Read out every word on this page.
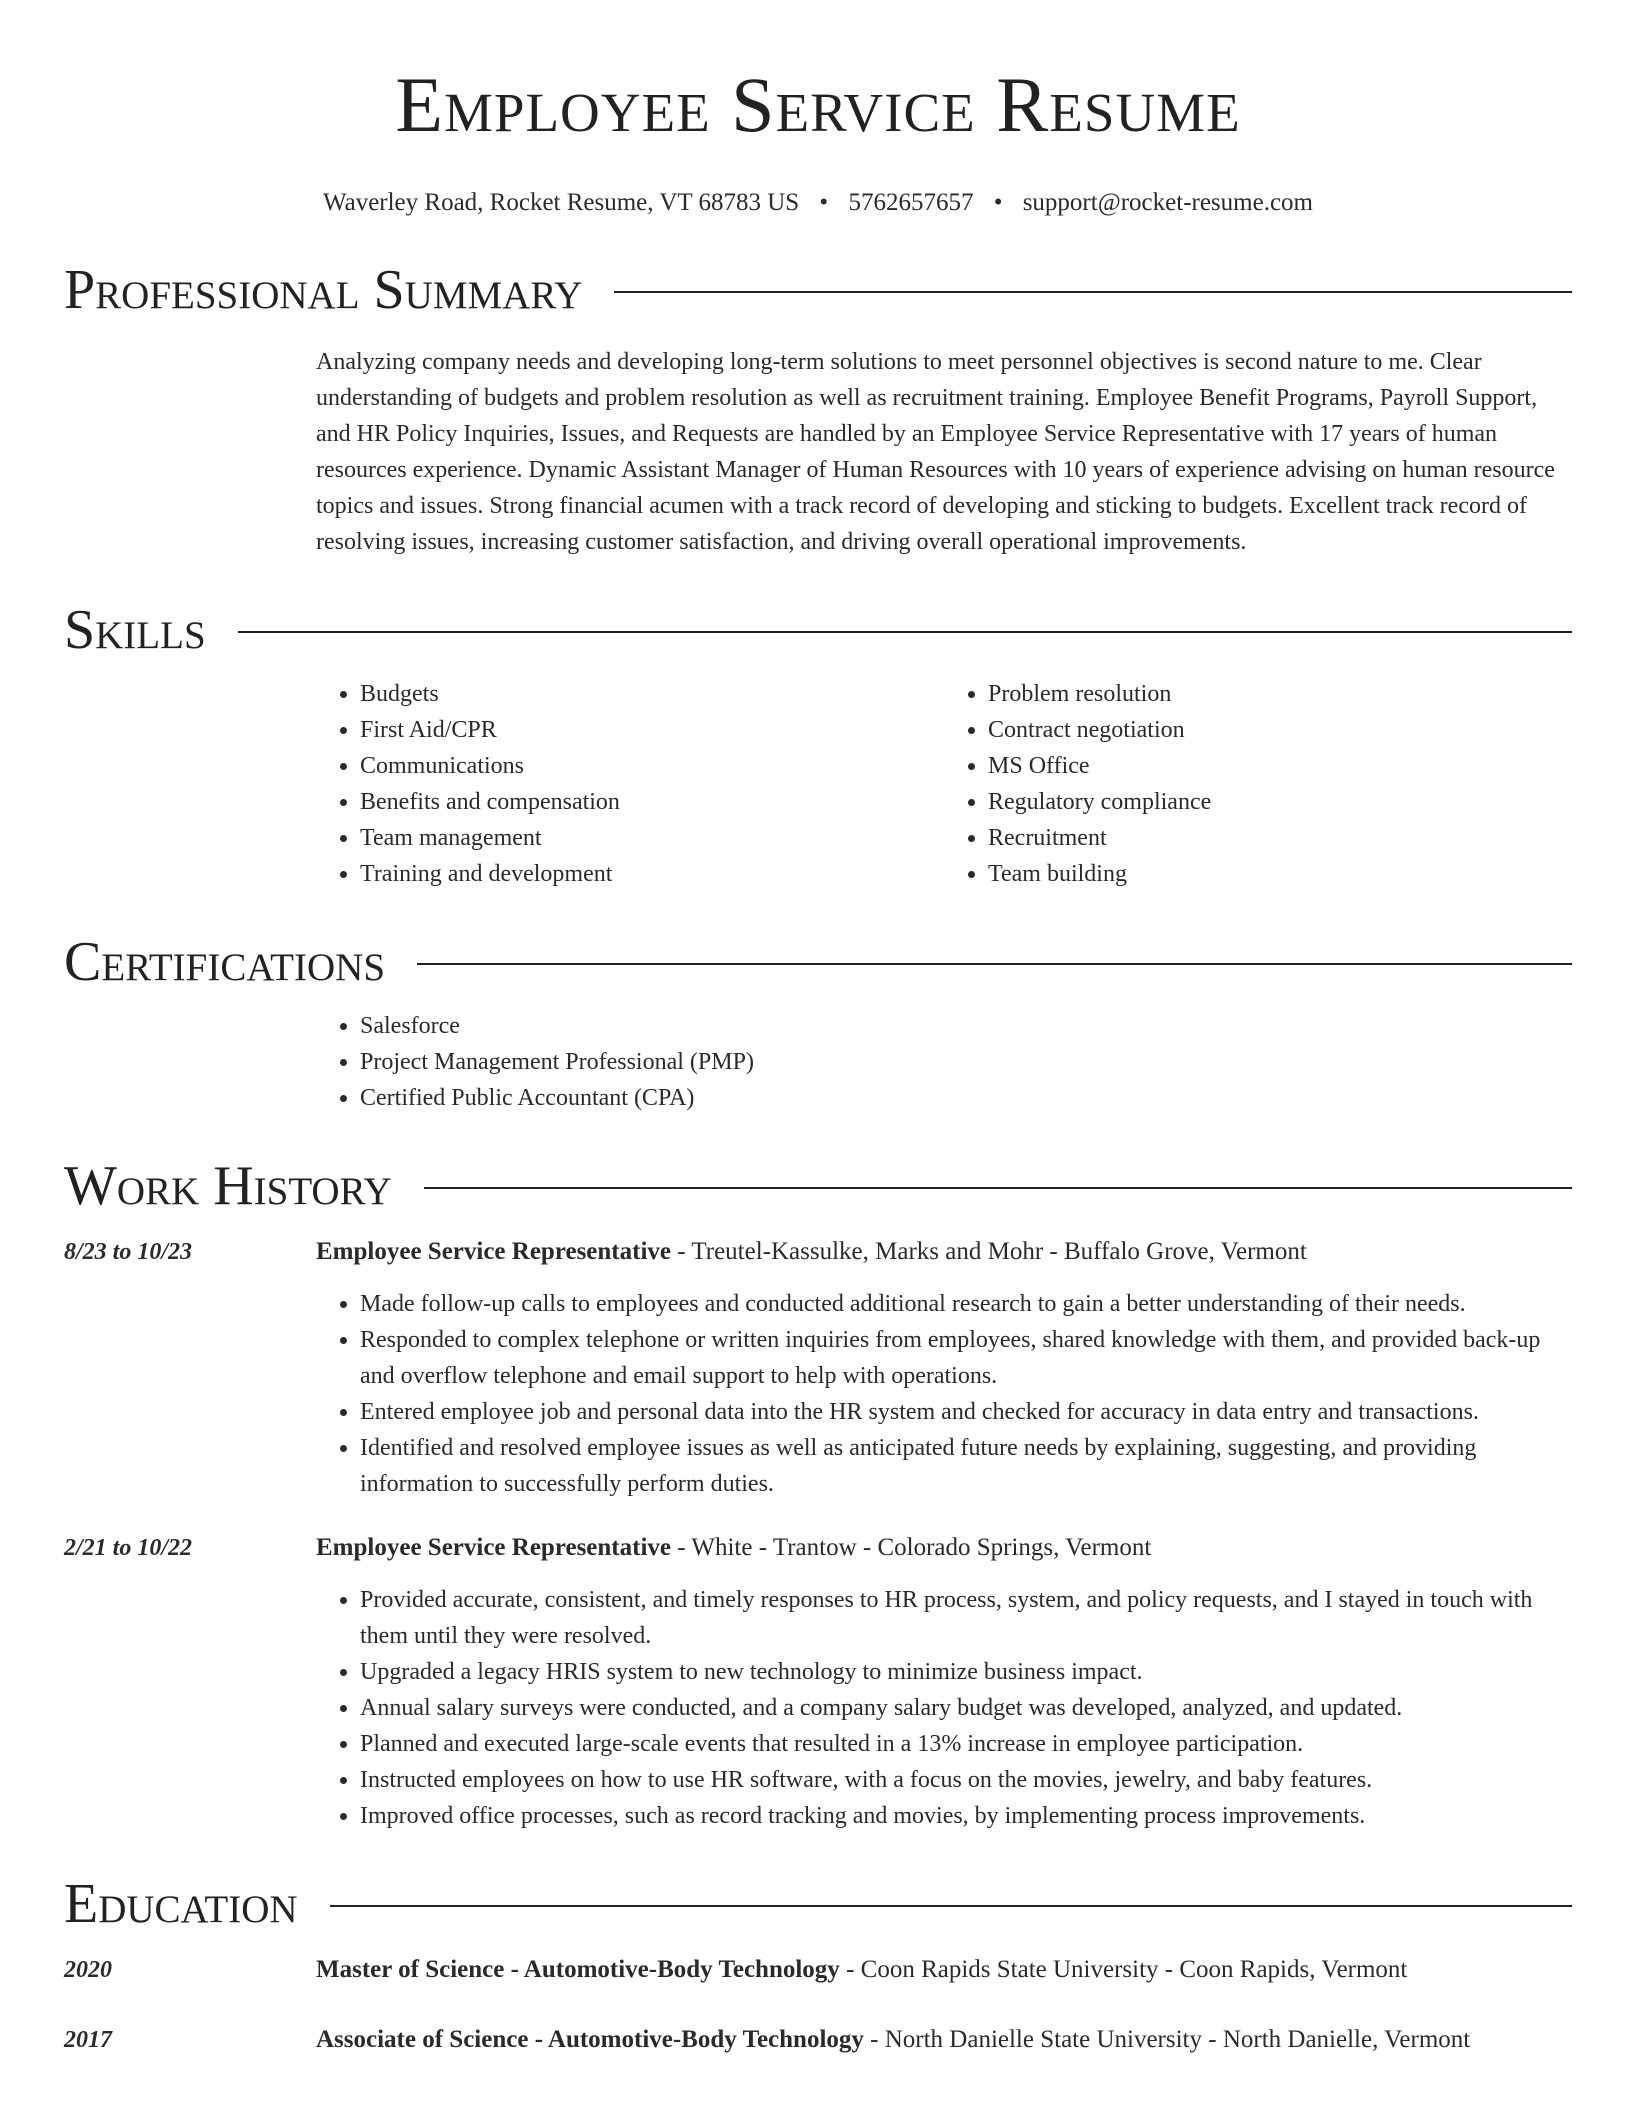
Employee Service Resume
Waverley Road, Rocket Resume, VT 68783 US • 5762657657 • support@rocket-resume.com
Professional Summary
Analyzing company needs and developing long-term solutions to meet personnel objectives is second nature to me. Clear understanding of budgets and problem resolution as well as recruitment training. Employee Benefit Programs, Payroll Support, and HR Policy Inquiries, Issues, and Requests are handled by an Employee Service Representative with 17 years of human resources experience. Dynamic Assistant Manager of Human Resources with 10 years of experience advising on human resource topics and issues. Strong financial acumen with a track record of developing and sticking to budgets. Excellent track record of resolving issues, increasing customer satisfaction, and driving overall operational improvements.
Skills
• Budgets
• First Aid/CPR
• Communications
• Benefits and compensation
• Team management
• Training and development
• Problem resolution
• Contract negotiation
• MS Office
• Regulatory compliance
• Recruitment
• Team building
Certifications
• Salesforce
• Project Management Professional (PMP)
• Certified Public Accountant (CPA)
Work History
8/23 to 10/23	Employee Service Representative - Treutel-Kassulke, Marks and Mohr - Buffalo Grove, Vermont
• Made follow-up calls to employees and conducted additional research to gain a better understanding of their needs.
• Responded to complex telephone or written inquiries from employees, shared knowledge with them, and provided back-up and overflow telephone and email support to help with operations.
• Entered employee job and personal data into the HR system and checked for accuracy in data entry and transactions.
• Identified and resolved employee issues as well as anticipated future needs by explaining, suggesting, and providing information to successfully perform duties.
2/21 to 10/22	Employee Service Representative - White - Trantow - Colorado Springs, Vermont
• Provided accurate, consistent, and timely responses to HR process, system, and policy requests, and I stayed in touch with them until they were resolved.
• Upgraded a legacy HRIS system to new technology to minimize business impact.
• Annual salary surveys were conducted, and a company salary budget was developed, analyzed, and updated.
• Planned and executed large-scale events that resulted in a 13% increase in employee participation.
• Instructed employees on how to use HR software, with a focus on the movies, jewelry, and baby features.
• Improved office processes, such as record tracking and movies, by implementing process improvements.
Education
2020	Master of Science - Automotive-Body Technology - Coon Rapids State University - Coon Rapids, Vermont
2017	Associate of Science - Automotive-Body Technology - North Danielle State University - North Danielle, Vermont
